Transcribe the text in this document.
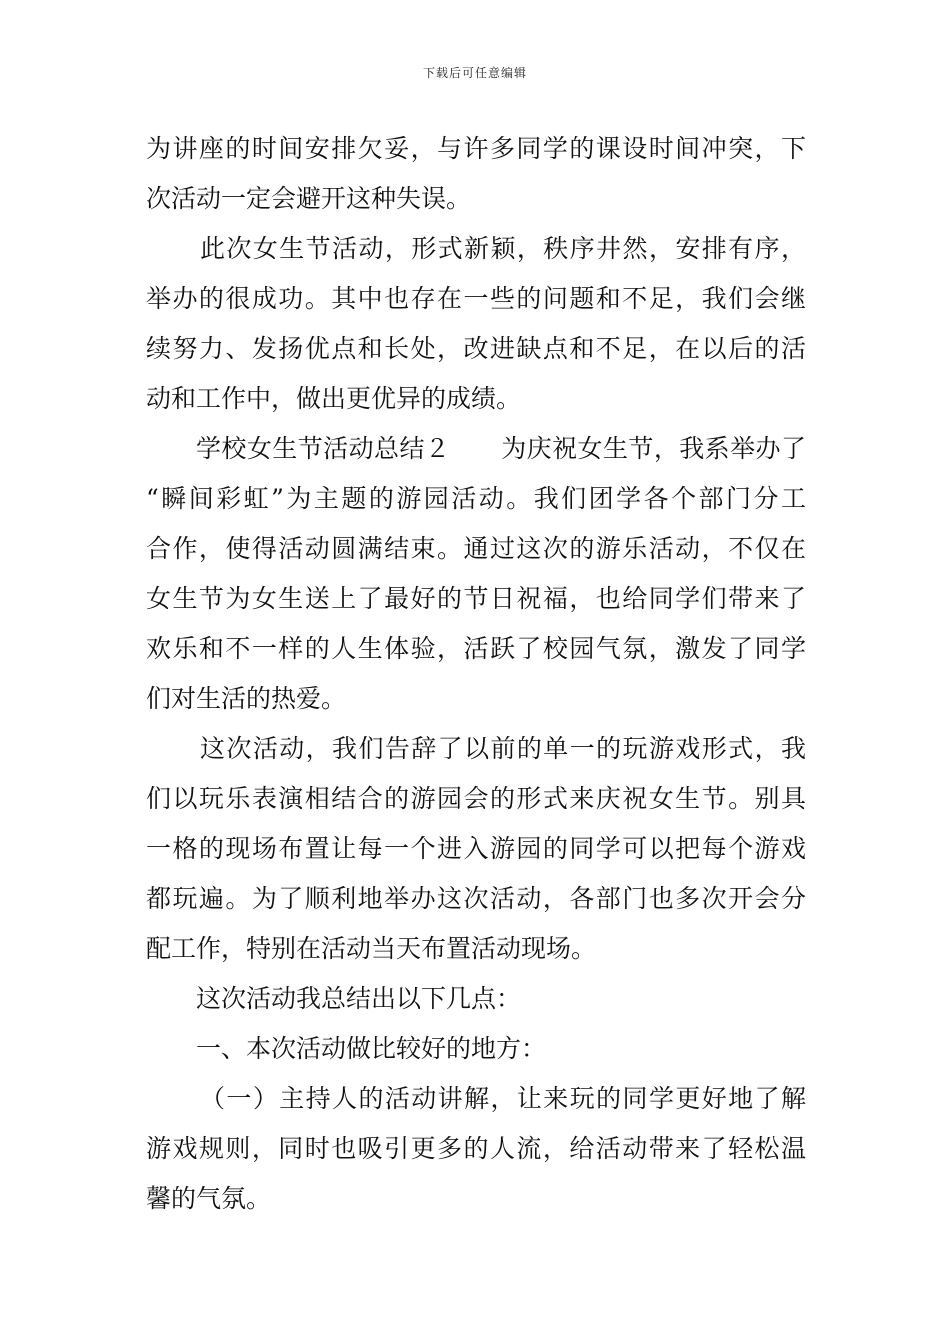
下载后可任意编辑
为讲座的时间安排欠妥，与许多同学的课设时间冲突，下
次活动一定会避开这种失误。
此次女生节活动，形式新颖，秩序井然，安排有序，
举办的很成功。其中也存在一些的问题和不足，我们会继
续努力、发扬优点和长处，改进缺点和不足，在以后的活
动和工作中，做出更优异的成绩。
学校女生节活动总结２　　为庆祝女生节，我系举办了
“瞬间彩虹”为主题的游园活动。我们团学各个部门分工
合作，使得活动圆满结束。通过这次的游乐活动，不仅在
女生节为女生送上了最好的节日祝福，也给同学们带来了
欢乐和不一样的人生体验，活跃了校园气氛，激发了同学
们对生活的热爱。
这次活动，我们告辞了以前的单一的玩游戏形式，我
们以玩乐表演相结合的游园会的形式来庆祝女生节。别具
一格的现场布置让每一个进入游园的同学可以把每个游戏
都玩遍。为了顺利地举办这次活动，各部门也多次开会分
配工作，特别在活动当天布置活动现场。
这次活动我总结出以下几点：
一、本次活动做比较好的地方：
（一）主持人的活动讲解，让来玩的同学更好地了解
游戏规则，同时也吸引更多的人流，给活动带来了轻松温
馨的气氛。
